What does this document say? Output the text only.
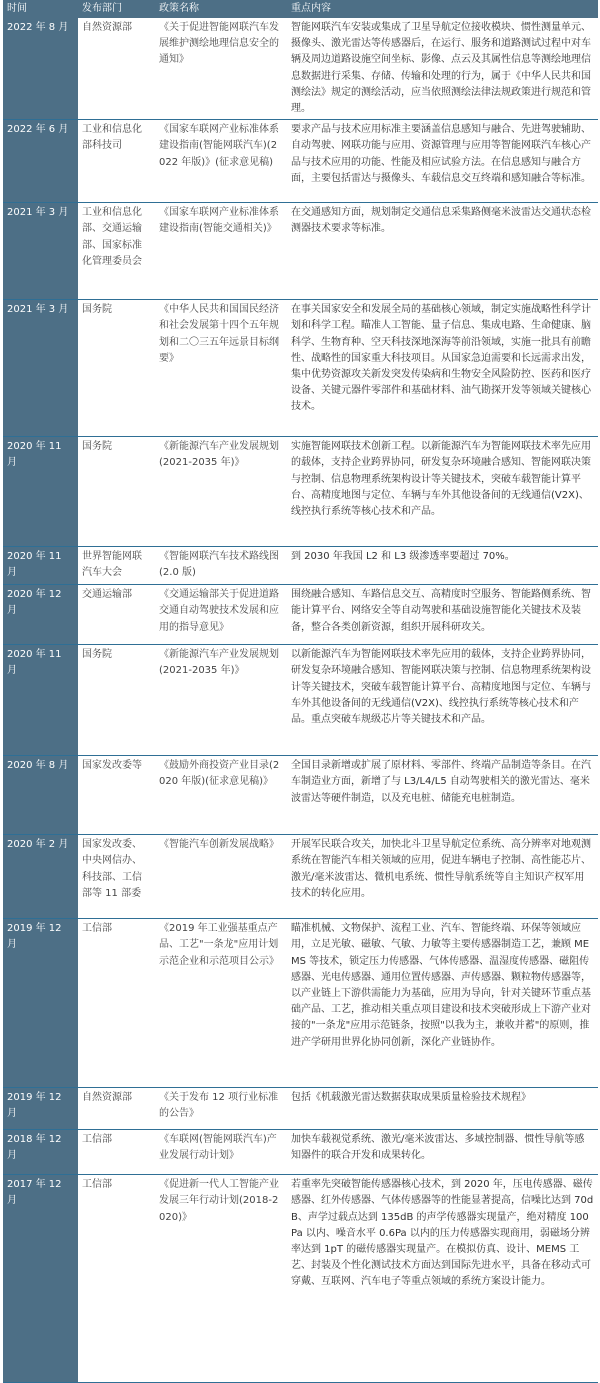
时间	发布部门	政策名称	重点内容
2022 年 8 月	自然资源部	《关于促进智能网联汽车发展维护测绘地理信息安全的通知》	智能网联汽车安装或集成了卫星导航定位接收模块、惯性测量单元、摄像头、激光雷达等传感器后，在运行、服务和道路测试过程中对车辆及周边道路设施空间坐标、影像、点云及其属性信息等测绘地理信息数据进行采集、存储、传输和处理的行为，属于《中华人民共和国测绘法》规定的测绘活动，应当依照测绘法律法规政策进行规范和管理。
2022 年 6 月	工业和信息化部科技司	《国家车联网产业标准体系建设指南(智能网联汽车)(2022 年版)》(征求意见稿)	要求产品与技术应用标准主要涵盖信息感知与融合、先进驾驶辅助、自动驾驶、网联功能与应用、资源管理与应用等智能网联汽车核心产品与技术应用的功能、性能及相应试验方法。在信息感知与融合方面，主要包括雷达与摄像头、车载信息交互终端和感知融合等标准。
2021 年 3 月	工业和信息化部、交通运输部、国家标准化管理委员会	《国家车联网产业标准体系建设指南(智能交通相关)》	在交通感知方面，规划制定交通信息采集路侧毫米波雷达交通状态检测器技术要求等标准。
2021 年 3 月	国务院	《中华人民共和国国民经济和社会发展第十四个五年规划和二〇三五年远景目标纲要》	在事关国家安全和发展全局的基础核心领域，制定实施战略性科学计划和科学工程。瞄准人工智能、量子信息、集成电路、生命健康、脑科学、生物育种、空天科技深地深海等前沿领域，实施一批具有前瞻性、战略性的国家重大科技项目。从国家急迫需要和长远需求出发，集中优势资源攻关新发突发传染病和生物安全风险防控、医药和医疗设备、关键元器件零部件和基础材料、油气勘探开发等领域关键核心技术。
2020 年 11 月	国务院	《新能源汽车产业发展规划(2021-2035 年)》	实施智能网联技术创新工程。以新能源汽车为智能网联技术率先应用的载体，支持企业跨界协同，研发复杂环境融合感知、智能网联决策与控制、信息物理系统架构设计等关键技术，突破车载智能计算平台、高精度地图与定位、车辆与车外其他设备间的无线通信(V2X)、线控执行系统等核心技术和产品。
2020 年 11 月	世界智能网联汽车大会	《智能网联汽车技术路线图(2.0 版)	到 2030 年我国 L2 和 L3 级渗透率要超过 70%。
2020 年 12 月	交通运输部	《交通运输部关于促进道路交通自动驾驶技术发展和应用的指导意见》	围绕融合感知、车路信息交互、高精度时空服务、智能路侧系统、智能计算平台、网络安全等自动驾驶和基础设施智能化关键技术及装备，整合各类创新资源，组织开展科研攻关。
2020 年 11 月	国务院	《新能源汽车产业发展规划(2021-2035 年)》	以新能源汽车为智能网联技术率先应用的载体，支持企业跨界协同，研发复杂环境融合感知、智能网联决策与控制、信息物理系统架构设计等关键技术，突破车载智能计算平台、高精度地图与定位、车辆与车外其他设备间的无线通信(V2X)、线控执行系统等核心技术和产品。重点突破车规级芯片等关键技术和产品。
2020 年 8 月	国家发改委等	《鼓励外商投资产业目录(2020 年版)(征求意见稿)》	全国目录新增或扩展了原材料、零部件、终端产品制造等条目。在汽车制造业方面，新增了与 L3/L4/L5 自动驾驶相关的激光雷达、毫米波雷达等硬件制造，以及充电桩、储能充电桩制造。
2020 年 2 月	国家发改委、中央网信办、科技部、工信部等 11 部委	《智能汽车创新发展战略》	开展军民联合攻关，加快北斗卫星导航定位系统、高分辨率对地观测系统在智能汽车相关领域的应用，促进车辆电子控制、高性能芯片、激光/毫米波雷达、微机电系统、惯性导航系统等自主知识产权军用技术的转化应用。
2019 年 12 月	工信部	《2019 年工业强基重点产品、工艺"一条龙"应用计划示范企业和示范项目公示》	瞄准机械、文物保护、流程工业、汽车、智能终端、环保等领域应用，立足光敏、磁敏、气敏、力敏等主要传感器制造工艺，兼顾 MEMS 等技术，锁定压力传感器、气体传感器、温湿度传感器、磁阻传感器、光电传感器、通用位置传感器、声传感器、颗粒物传感器等，以产业链上下游供需能力为基础，应用为导向，针对关键环节重点基础产品、工艺，推动相关重点项目建设和技术突破形成上下游产业对接的"一条龙"应用示范链条，按照"以我为主，兼收并蓄"的原则，推进产学研用世界化协同创新，深化产业链协作。
2019 年 12 月	自然资源部	《关于发布 12 项行业标准的公告》	包括《机载激光雷达数据获取成果质量检验技术规程》
2018 年 12 月	工信部	《车联网(智能网联汽车)产业发展行动计划》	加快车载视觉系统、激光/毫米波雷达、多域控制器、惯性导航等感知器件的联合开发和成果转化。
2017 年 12 月	工信部	《促进新一代人工智能产业发展三年行动计划(2018-2020)》	若重率先突破智能传感器核心技术，到 2020 年，压电传感器、磁传感器、红外传感器、气体传感器等的性能显著提高，信噪比达到 70dB、声学过载点达到 135dB 的声学传感器实现量产，绝对精度 100Pa 以内、噪音水平 0.6Pa 以内的压力传感器实现商用，弱磁场分辨率达到 1pT 的磁传感器实现量产。在模拟仿真、设计、MEMS 工艺、封装及个性化测试技术方面达到国际先进水平，具备在移动式可穿戴、互联网、汽车电子等重点领域的系统方案设计能力。
